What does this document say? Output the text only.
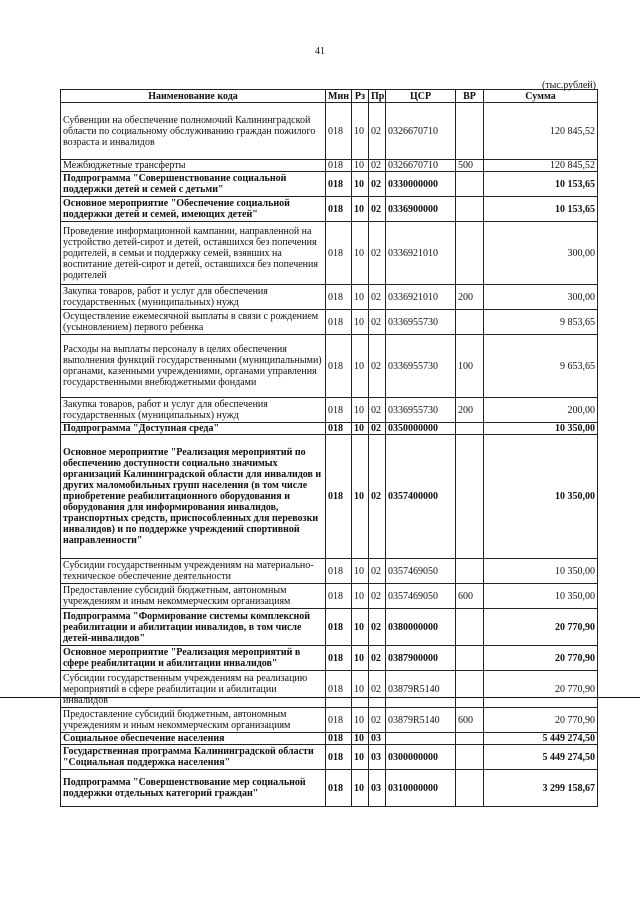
41
(тыс.рублей)
Наименование кода	Мин	Рз	Пр	ЦСР	ВР	Сумма
Субвенции на обеспечение полномочий Калининградской области по социальному обслуживанию граждан пожилого возраста и инвалидов	018	10	02	0326670710		120 845,52
Межбюджетные трансферты	018	10	02	0326670710	500	120 845,52
Подпрограмма "Совершенствование социальной поддержки детей и семей с детьми"	018	10	02	0330000000		10 153,65
Основное мероприятие "Обеспечение социальной поддержки детей и семей, имеющих детей"	018	10	02	0336900000		10 153,65
Проведение информационной кампании, направленной на устройство детей-сирот и детей, оставшихся без попечения родителей, в семьи и поддержку семей, взявших на воспитание детей-сирот и детей, оставшихся без попечения родителей	018	10	02	0336921010		300,00
Закупка товаров, работ и услуг для обеспечения государственных (муниципальных) нужд	018	10	02	0336921010	200	300,00
Осуществление ежемесячной выплаты в связи с рождением (усыновлением) первого ребенка	018	10	02	0336955730		9 853,65
Расходы на выплаты персоналу в целях обеспечения выполнения функций государственными (муниципальными) органами, казенными учреждениями, органами управления государственными внебюджетными фондами	018	10	02	0336955730	100	9 653,65
Закупка товаров, работ и услуг для обеспечения государственных (муниципальных) нужд	018	10	02	0336955730	200	200,00
Подпрограмма "Доступная среда"	018	10	02	0350000000		10 350,00
Основное мероприятие "Реализация мероприятий по обеспечению доступности социально значимых организаций Калининградской области для инвалидов и других маломобильных групп населения (в том числе приобретение реабилитационного оборудования и оборудования для информирования инвалидов, транспортных средств, приспособленных для перевозки инвалидов) и по поддержке учреждений спортивной направленности"	018	10	02	0357400000		10 350,00
Субсидии государственным учреждениям на материально-техническое обеспечение деятельности	018	10	02	0357469050		10 350,00
Предоставление субсидий бюджетным, автономным учреждениям и иным некоммерческим организациям	018	10	02	0357469050	600	10 350,00
Подпрограмма "Формирование системы комплексной реабилитации и абилитации инвалидов, в том числе детей-инвалидов"	018	10	02	0380000000		20 770,90
Основное мероприятие "Реализация мероприятий в сфере реабилитации и абилитации инвалидов"	018	10	02	0387900000		20 770,90
Субсидии государственным учреждениям на реализацию мероприятий в сфере реабилитации и абилитации инвалидов	018	10	02	03879R5140		20 770,90
Предоставление субсидий бюджетным, автономным учреждениям и иным некоммерческим организациям	018	10	02	03879R5140	600	20 770,90
Социальное обеспечение населения	018	10	03			5 449 274,50
Государственная программа Калининградской области "Социальная поддержка населения"	018	10	03	0300000000		5 449 274,50
Подпрограмма "Совершенствование мер социальной поддержки отдельных категорий граждан"	018	10	03	0310000000		3 299 158,67
